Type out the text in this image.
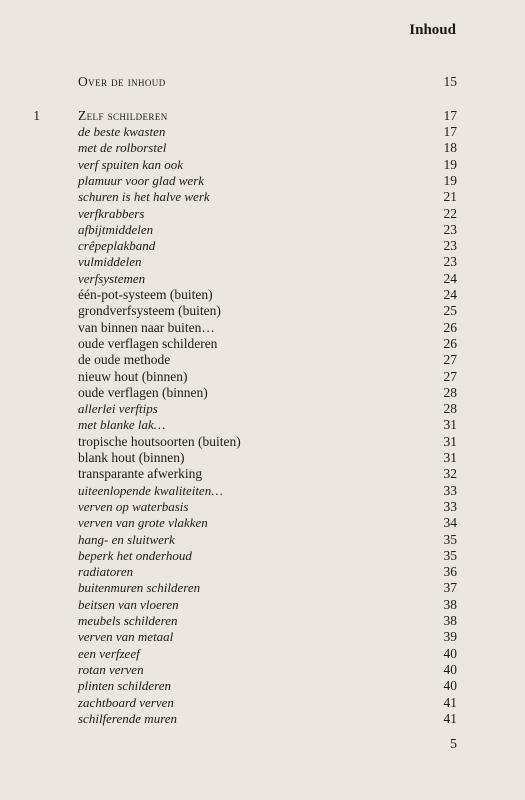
Inhoud
Over de inhoud	15
1	Zelf schilderen	17
de beste kwasten	17
met de rolborstel	18
verf spuiten kan ook	19
plamuur voor glad werk	19
schuren is het halve werk	21
verfkrabbers	22
afbijtmiddelen	23
crêpeplakband	23
vulmiddelen	23
verfsystemen	24
één-pot-systeem (buiten)	24
grondverfsysteem (buiten)	25
van binnen naar buiten…	26
oude verflagen schilderen	26
de oude methode	27
nieuw hout (binnen)	27
oude verflagen (binnen)	28
allerlei verftips	28
met blanke lak…	31
tropische houtsoorten (buiten)	31
blank hout (binnen)	31
transparante afwerking	32
uiteenlopende kwaliteiten…	33
verven op waterbasis	33
verven van grote vlakken	34
hang- en sluitwerk	35
beperk het onderhoud	35
radiatoren	36
buitenmuren schilderen	37
beitsen van vloeren	38
meubels schilderen	38
verven van metaal	39
een verfzeef	40
rotan verven	40
plinten schilderen	40
zachtboard verven	41
schilferende muren	41
5
